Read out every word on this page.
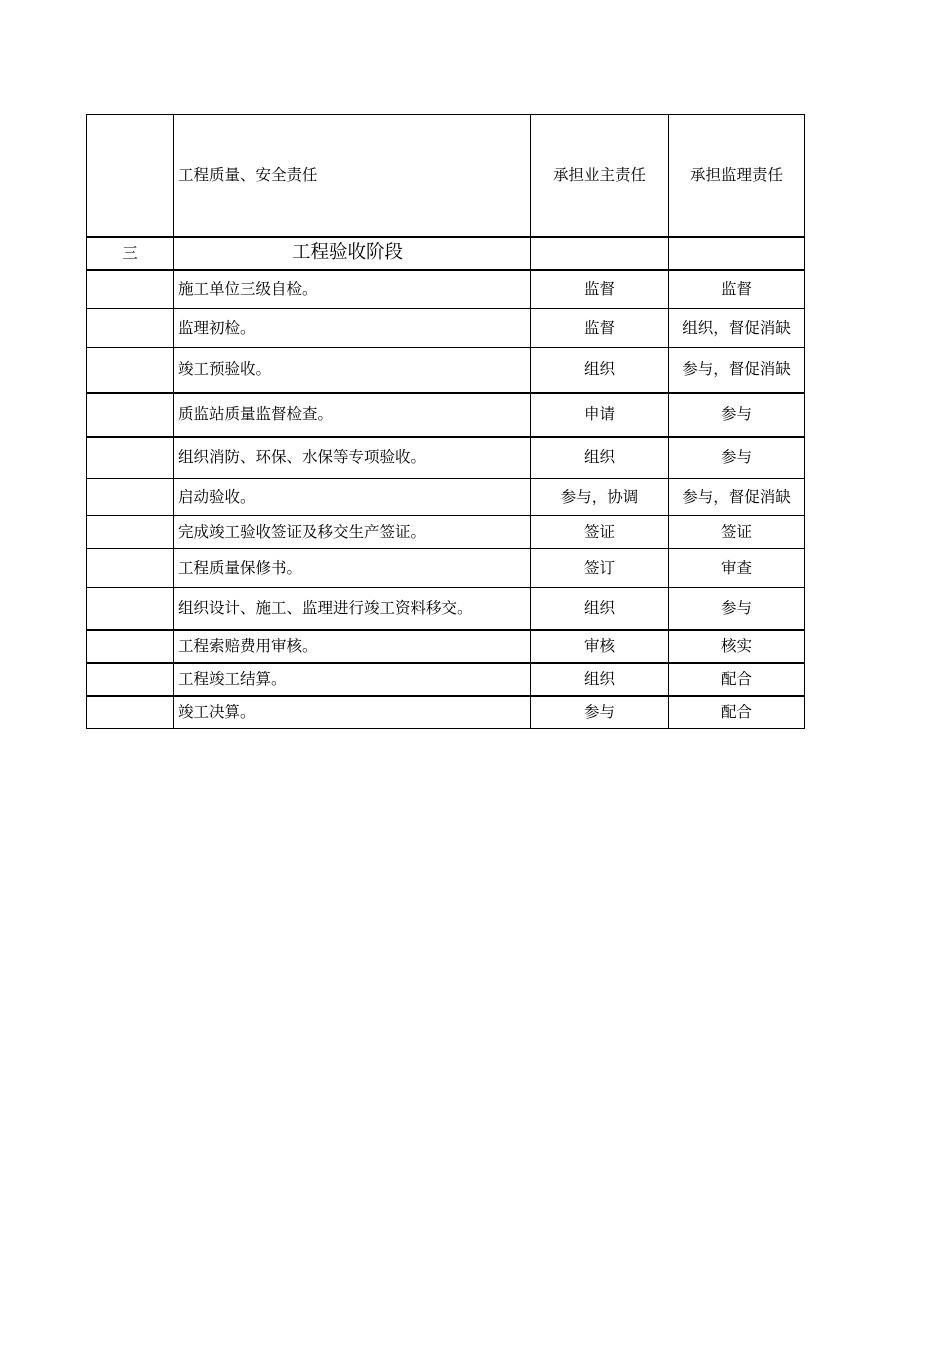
	工程质量、安全责任	承担业主责任	承担监理责任
三	工程验收阶段		
	施工单位三级自检。	监督	监督
	监理初检。	监督	组织，督促消缺
	竣工预验收。	组织	参与，督促消缺
	质监站质量监督检查。	申请	参与
	组织消防、环保、水保等专项验收。	组织	参与
	启动验收。	参与，协调	参与，督促消缺
	完成竣工验收签证及移交生产签证。	签证	签证
	工程质量保修书。	签订	审查
	组织设计、施工、监理进行竣工资料移交。	组织	参与
	工程索赔费用审核。	审核	核实
	工程竣工结算。	组织	配合
	竣工决算。	参与	配合
